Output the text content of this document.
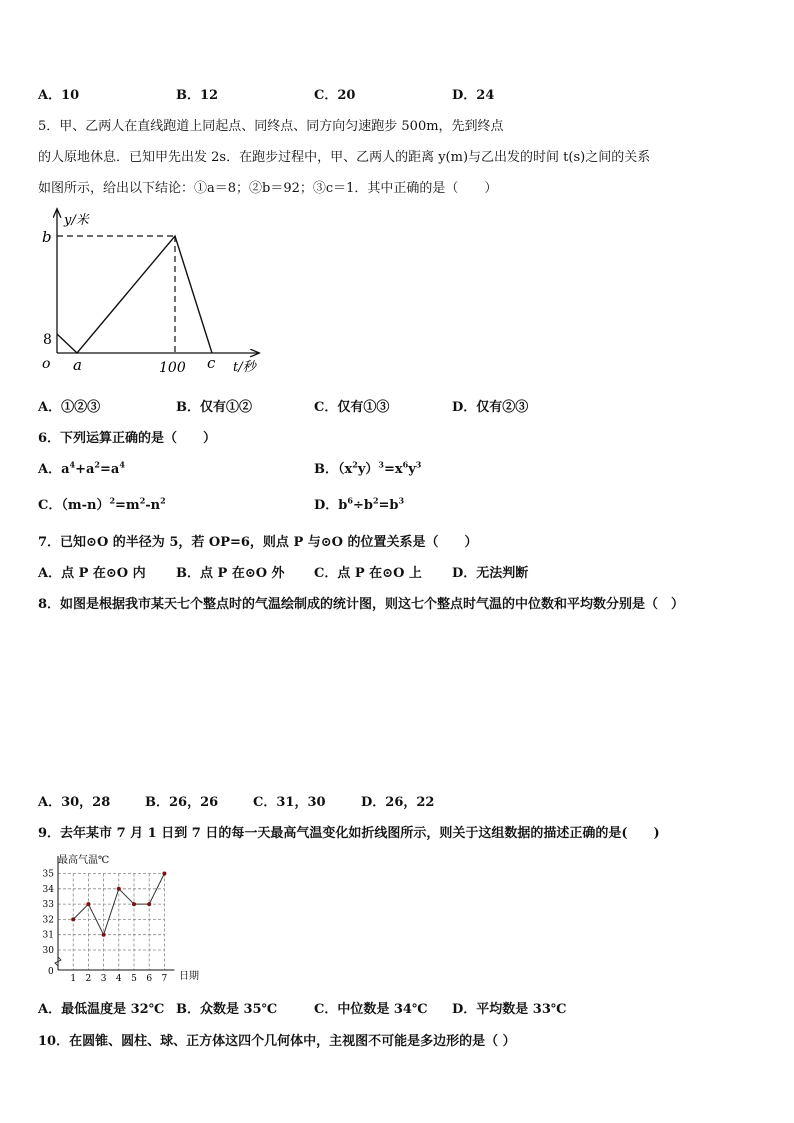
A．10	B．12	C．20	D．24
5．甲、乙两人在直线跑道上同起点、同终点、同方向匀速跑步 500m，先到终点
的人原地休息．已知甲先出发 2s．在跑步过程中，甲、乙两人的距离 y(m)与乙出发的时间 t(s)之间的关系
如图所示，给出以下结论：①a＝8；②b＝92；③c＝1．其中正确的是（　　）
y/米
b
8
o a	100 c t/秒
A．①②③	B．仅有①②	C．仅有①③	D．仅有②③
6．下列运算正确的是（　　）
A．$a^4+a^2=a^4$	B．$(x^2y)^3=x^6y^3$
C．$(m-n)^2=m^2-n^2$	D．$b^6\div b^2=b^3$
7．已知⊙O 的半径为 5，若 OP=6，则点 P 与⊙O 的位置关系是（　　）
A．点 P 在⊙O 内 B．点 P 在⊙O 外 C．点 P 在⊙O 上 D．无法判断
8．如图是根据我市某天七个整点时的气温绘制成的统计图，则这七个整点时气温的中位数和平均数分别是（　）
A．30，28	B．26，26	C．31，30	D．26，22
9．去年某市 7 月 1 日到 7 日的每一天最高气温变化如折线图所示，则关于这组数据的描述正确的是(　　)
30
31
32
33
34
35
1 2 3 4 5 6 7
最高气温℃
日期
0
A．最低温度是 32℃ B．众数是 35℃	C．中位数是 34℃ D．平均数是 33℃
10．在圆锥、圆柱、球、正方体这四个几何体中，主视图不可能是多边形的是（ ）
